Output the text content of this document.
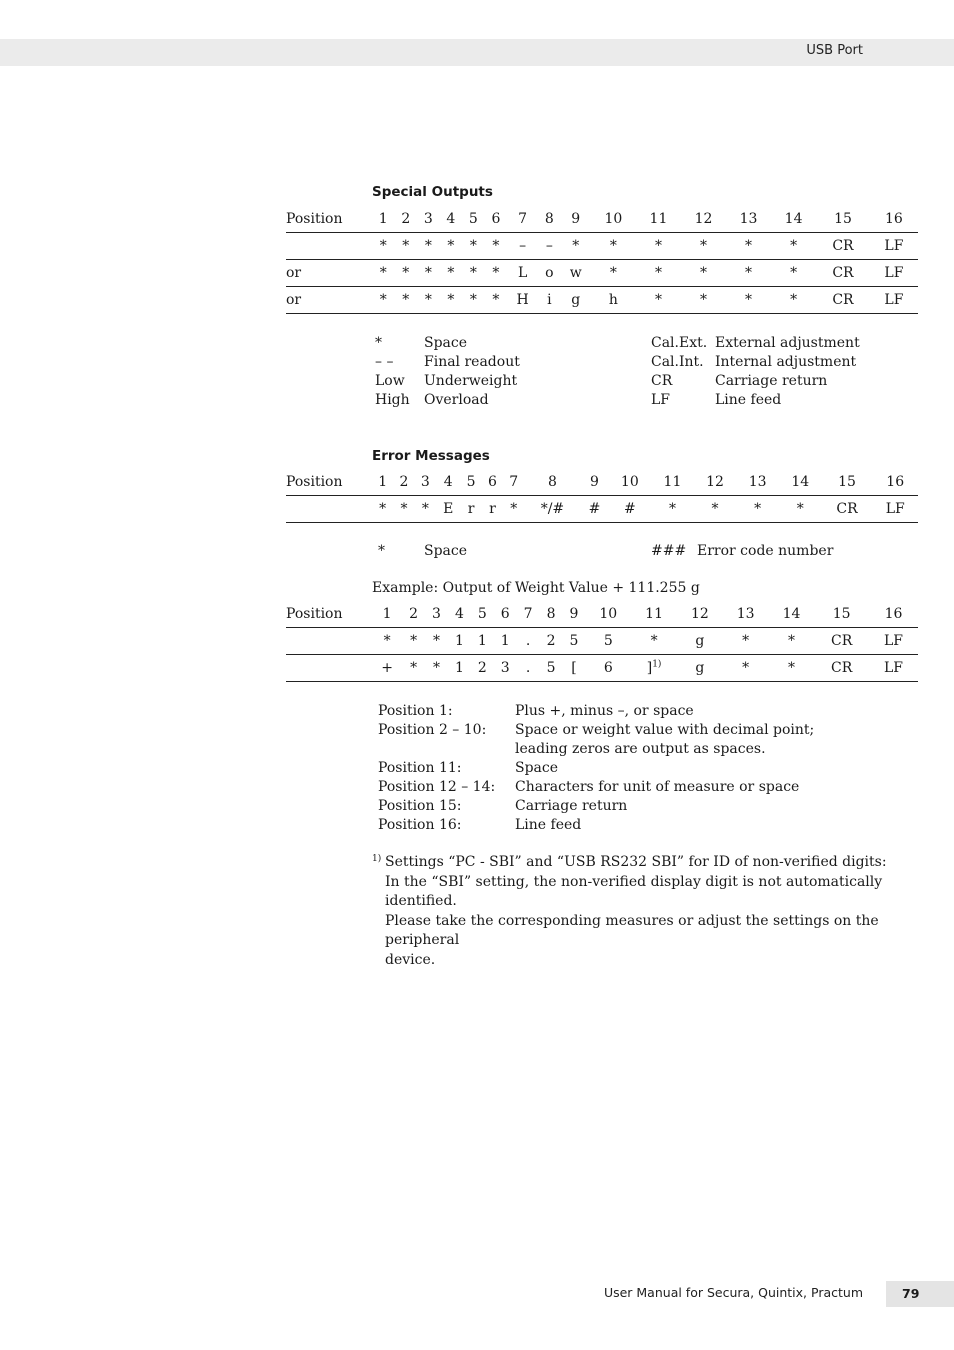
USB Port
Special Outputs
Position	1	2	3	4	5	6	7	8	9	10	11	12	13	14	15	16
	*	*	*	*	*	*	–	–	*	*	*	*	*	*	CR	LF
or	*	*	*	*	*	*	L	o	w	*	*	*	*	*	CR	LF
or	*	*	*	*	*	*	H	i	g	h	*	*	*	*	CR	LF
*	Space
– –	Final readout
Low	Underweight
High	Overload
Cal.Ext.	External adjustment
Cal.Int.	Internal adjustment
CR	Carriage return
LF	Line feed
Error Messages
Position	1	2	3	4	5	6	7	8	9	10	11	12	13	14	15	16
	*	*	*	E	r	r	*	*/#	#	#	*	*	*	*	CR	LF
*	Space	### Error code number
Example: Output of Weight Value + 111.255 g
Position	1	2	3	4	5	6	7	8	9	10	11	12	13	14	15	16
	*	*	*	1	1	1	.	2	5	5	*	g	*	*	CR	LF
	+	*	*	1	2	3	.	5	[	6	]$^{1)}$	g	*	*	CR	LF
Position 1:	Plus +, minus –, or space
Position 2 – 10:	Space or weight value with decimal point;
	leading zeros are output as spaces.
Position 11:	Space
Position 12 – 14:	Characters for unit of measure or space
Position 15:	Carriage return
Position 16:	Line feed
1) Settings “PC - SBI” and “USB RS232 SBI” for ID of non-verified digits:
In the “SBI” setting, the non-verified display digit is not automatically identified.
Please take the corresponding measures or adjust the settings on the peripheral
device.
User Manual for Secura, Quintix, Practum	79
